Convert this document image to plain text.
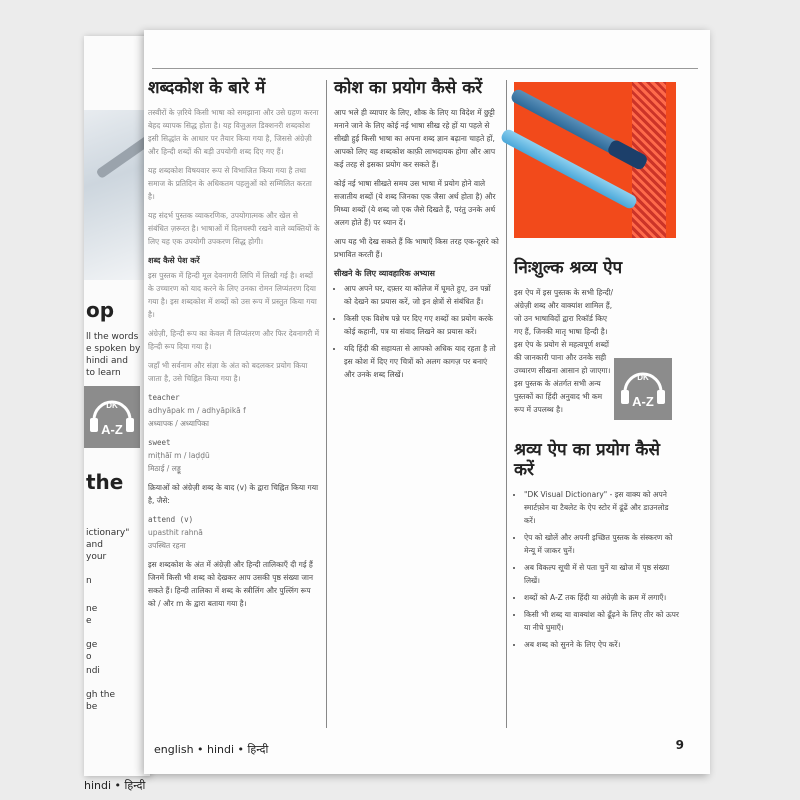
op
ll the words
e spoken by
hindi and
to learn
DK
A-Z
the
ictionary"
and
your
n
ne
e
ge
o
ndi
gh the
be
hindi • हिन्दी
शब्दकोश के बारे में

तस्वीरों के ज़रिये किसी भाषा को समझाना और उसे ग्रहण करना बेहद व्यापक सिद्ध होता है। यह विजुअल डिक्शनरी शब्दकोश इसी सिद्धांत के आधार पर तैयार किया गया है, जिससे अंग्रेज़ी और हिन्दी शब्दों की बड़ी उपयोगी शब्द दिए गए हैं।

यह शब्दकोश विषयवार रूप से विभाजित किया गया है तथा समाज के प्रतिदिन के अधिकतम पहलुओं को सम्मिलित करता है।

यह संदर्भ पुस्तक व्याकरणिक, उपयोगात्मक और खेल से संबंधित ज़रूरत है। भाषाओं में दिलचस्पी रखने वाले व्यक्तियों के लिए यह एक उपयोगी उपकरण सिद्ध होगी।

शब्द कैसे पेश करें

इस पुस्तक में हिन्दी मूल देवनागरी लिपि में लिखी गई है। शब्दों के उच्चारण को याद करने के लिए उनका रोमन लिप्यंतरण दिया गया है। इस शब्दकोश में शब्दों को उस रूप में प्रस्तुत किया गया है।

अंग्रेज़ी, हिन्दी रूप का केवल मैं लिप्यंतरण और फिर देवनागरी में हिन्दी रूप दिया गया है।

जहाँ भी सर्वनाम और संज्ञा के अंत को बदलकर प्रयोग किया जाता है, उसे चिह्नित किया गया है।

teacher
adhyāpak m / adhyāpikā f
अध्यापक / अध्यापिका
sweet
miṭhāī m / laḍḍū
मिठाई / लड्डू

क्रियाओं को अंग्रेज़ी शब्द के बाद (v) के द्वारा चिह्नित किया गया है, जैसे:

attend (v)
upasthit rahnā
उपस्थित रहना

इस शब्दकोश के अंत में अंग्रेज़ी और हिन्दी तालिकाएँ दी गई हैं जिनमें किसी भी शब्द को देखकर आप उसकी पृष्ठ संख्या जान सकते हैं। हिन्दी तालिका में शब्द के स्त्रीलिंग और पुल्लिंग रूप को / और m के द्वारा बताया गया है।

कोश का प्रयोग कैसे करें

आप भले ही व्यापार के लिए, शौक के लिए या विदेश में छुट्टी मनाने जाने के लिए कोई नई भाषा सीख रहे हों या पहले से सीखी हुई किसी भाषा का अपना शब्द ज्ञान बढ़ाना चाहते हों, आपको लिए यह शब्दकोश काफ़ी लाभदायक होगा और आप कई तरह से इसका प्रयोग कर सकते हैं।

कोई नई भाषा सीखते समय उस भाषा में प्रयोग होने वाले सजातीय शब्दों (ये शब्द जिनका एक जैसा अर्थ होता है) और मिथ्या शब्दों (ये शब्द जो एक जैसे दिखते हैं, परंतु उनके अर्थ अलग होते हैं) पर ध्यान दें।

आप यह भी देख सकते हैं कि भाषाएँ किस तरह एक-दूसरे को प्रभावित करती हैं।

सीखने के लिए व्यावहारिक अभ्यास
• आप अपने घर, दफ़्तर या कॉलेज में घूमते हुए, उन पन्नों को देखने का प्रयास करें, जो इन क्षेत्रों से संबंधित हैं।
• किसी एक विशेष पन्ने पर दिए गए शब्दों का प्रयोग करके कोई कहानी, पत्र या संवाद लिखने का प्रयास करें।
• यदि हिंदी की सहायता से आपको अधिक याद रहता है तो इस कोश में दिए गए चित्रों को अलग कागज़ पर बनाएं और उनके शब्द लिखें।
निःशुल्क श्रव्य ऐप

इस ऐप में इस पुस्तक के सभी हिन्दी/अंग्रेज़ी शब्द और वाक्यांश शामिल हैं, जो उन भाषाविदों द्वारा रिकॉर्ड किए गए हैं, जिनकी मातृ भाषा हिन्दी है। इस ऐप के प्रयोग से महत्वपूर्ण शब्दों की जानकारी पाना और उनके सही उच्चारण सीखना आसान हो जाएगा। इस पुस्तक के अंतर्गत सभी अन्य पुस्तकों का हिंदी अनुवाद भी कम रूप में उपलब्ध है।

DK
A-Z
श्रव्य ऐप का प्रयोग कैसे करें
• "DK Visual Dictionary" - इस वाक्य को अपने स्मार्टफ़ोन या टैबलेट के ऐप स्टोर में ढूंढें और डाउनलोड करें।
• ऐप को खोलें और अपनी इच्छित पुस्तक के संस्करण को मेन्यू में जाकर चुनें।
• अब विकल्प सूची में से पता चुनें या खोज में पृष्ठ संख्या लिखें।
• शब्दों को A-Z तक हिंदी या अंग्रेज़ी के क्रम में लगाएँ।
• किसी भी शब्द या वाक्यांश को ढूँढ़ने के लिए तीर को ऊपर या नीचे घुमाएँ।
• अब शब्द को सुनने के लिए ऐप करें।
english • hindi • हिन्दी	9
